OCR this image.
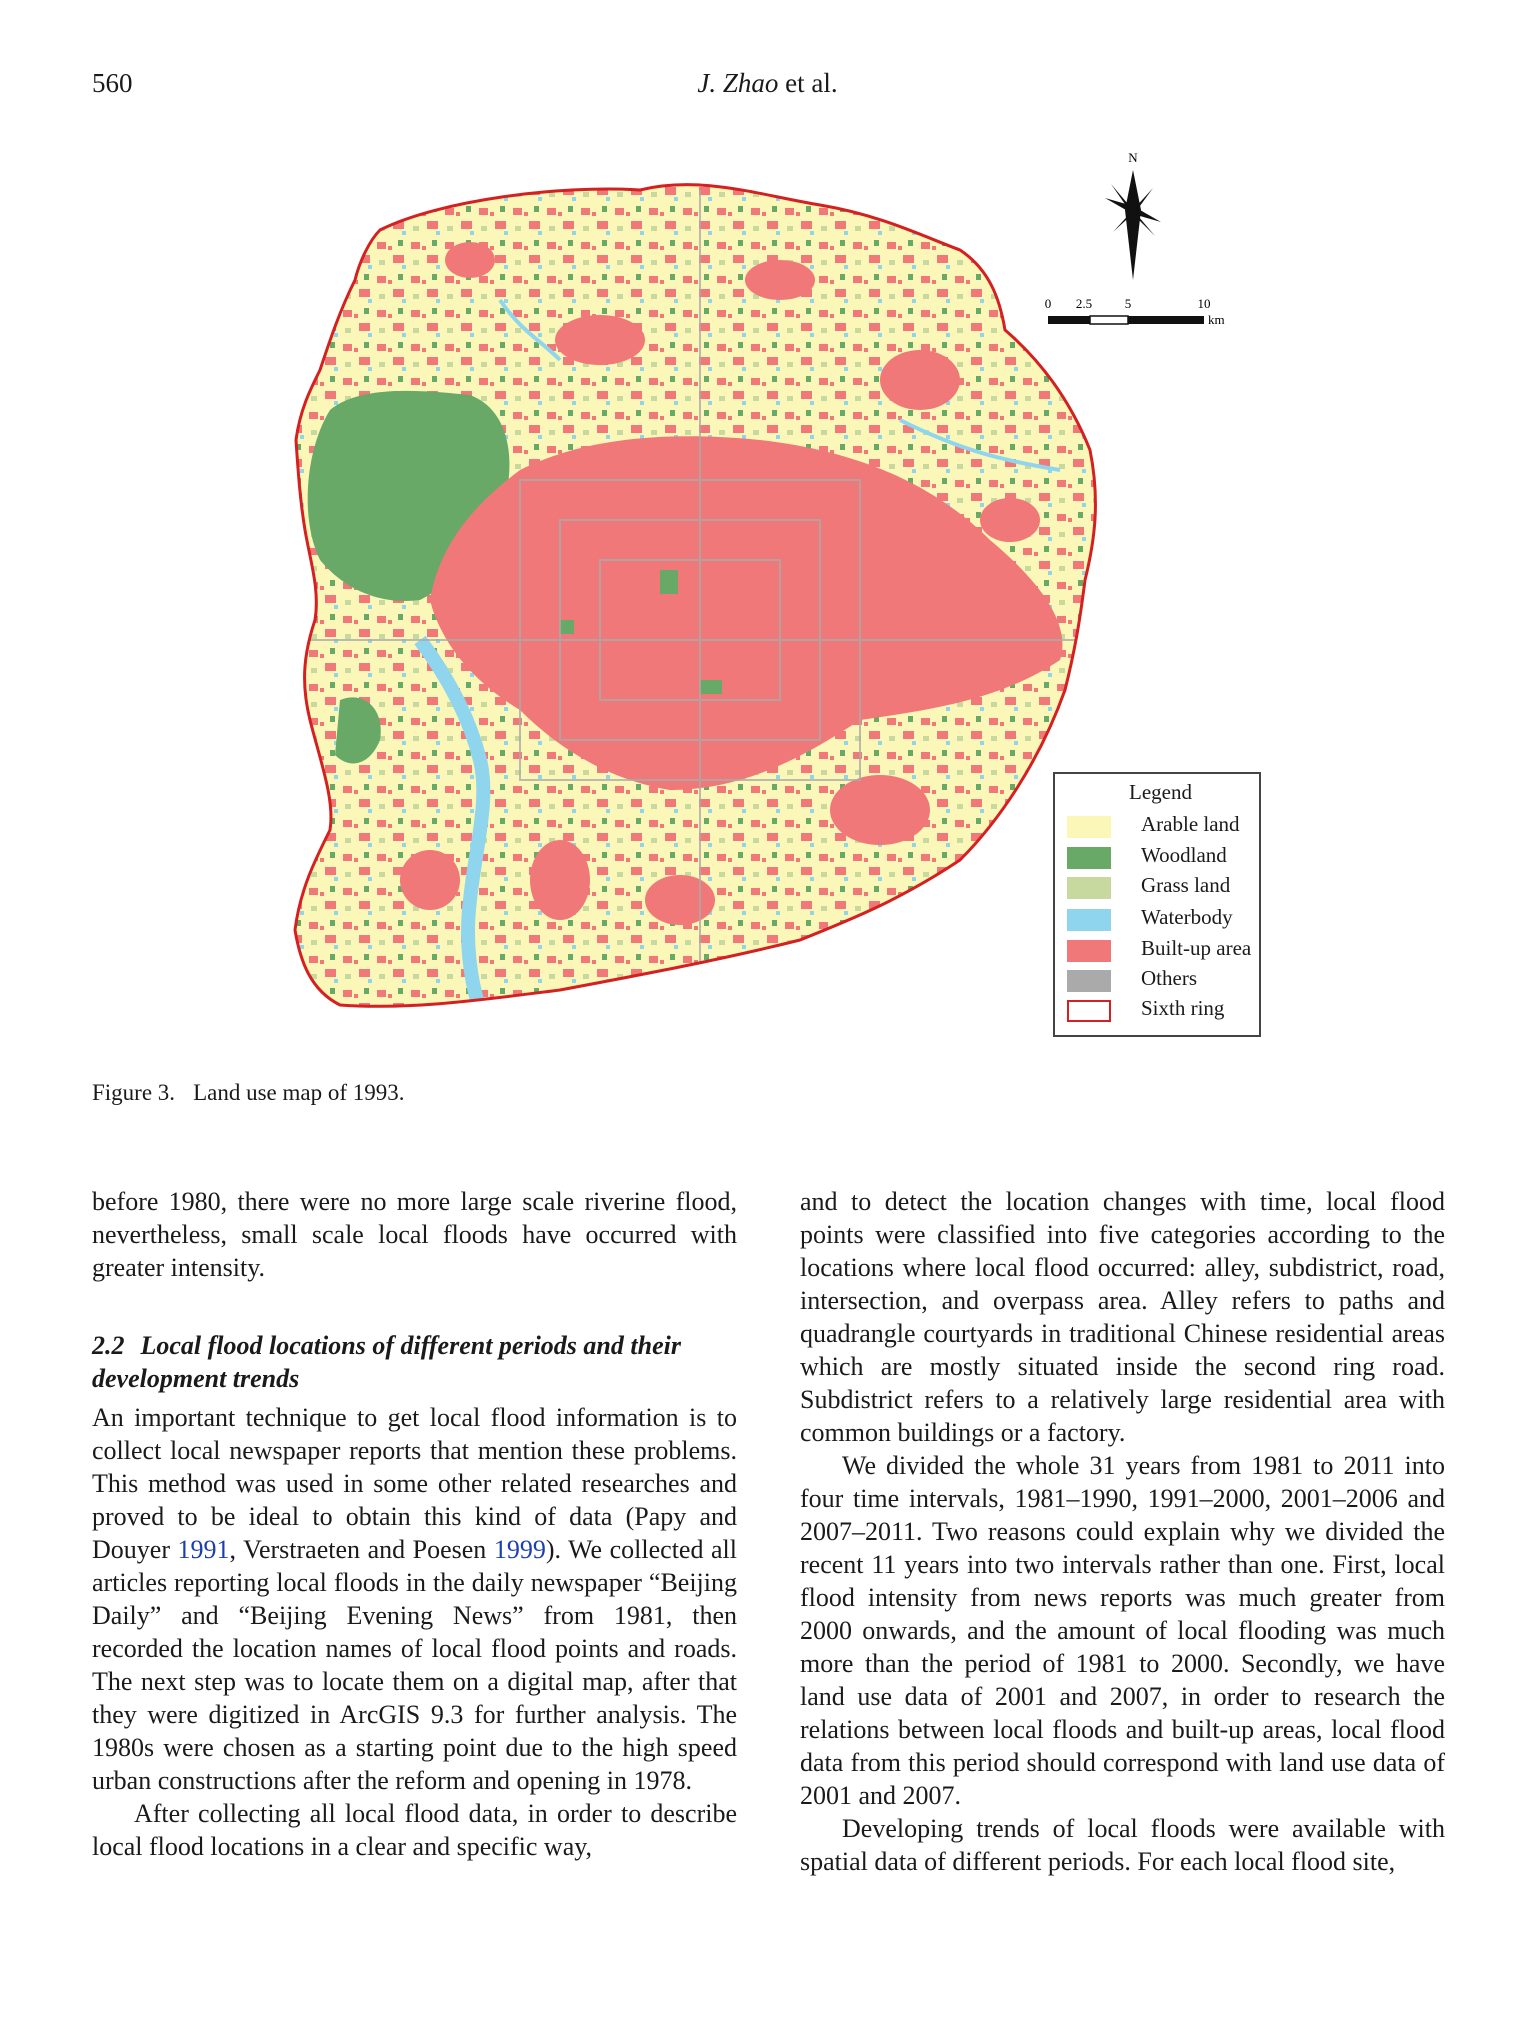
560	J. Zhao et al.
N
0 2.5	5	10
km
Legend
Arable land
Woodland
Grass land
Waterbody
Built-up area
Others
Sixth ring
Figure 3. Land use map of 1993.

before 1980, there were no more large scale riverine flood, nevertheless, small scale local floods have occurred with greater intensity.

2.2 Local flood locations of different periods and their development trends

An important technique to get local flood information is to collect local newspaper reports that mention these problems. This method was used in some other related researches and proved to be ideal to obtain this kind of data (Papy and Douyer 1991, Verstraeten and Poesen 1999). We collected all articles reporting local floods in the daily newspaper “Beijing Daily” and “Beijing Evening News” from 1981, then recorded the location names of local flood points and roads. The next step was to locate them on a digital map, after that they were digitized in ArcGIS 9.3 for further analysis. The 1980s were chosen as a starting point due to the high speed urban constructions after the reform and opening in 1978.

After collecting all local flood data, in order to describe local flood locations in a clear and specific way,

and to detect the location changes with time, local flood points were classified into five categories according to the locations where local flood occurred: alley, subdistrict, road, intersection, and overpass area. Alley refers to paths and quadrangle courtyards in traditional Chinese residential areas which are mostly situated inside the second ring road. Subdistrict refers to a relatively large residential area with common buildings or a factory.

We divided the whole 31 years from 1981 to 2011 into four time intervals, 1981–1990, 1991–2000, 2001–2006 and 2007–2011. Two reasons could explain why we divided the recent 11 years into two intervals rather than one. First, local flood intensity from news reports was much greater from 2000 onwards, and the amount of local flooding was much more than the period of 1981 to 2000. Secondly, we have land use data of 2001 and 2007, in order to research the relations between local floods and built-up areas, local flood data from this period should correspond with land use data of 2001 and 2007.

Developing trends of local floods were available with spatial data of different periods. For each local flood site,
